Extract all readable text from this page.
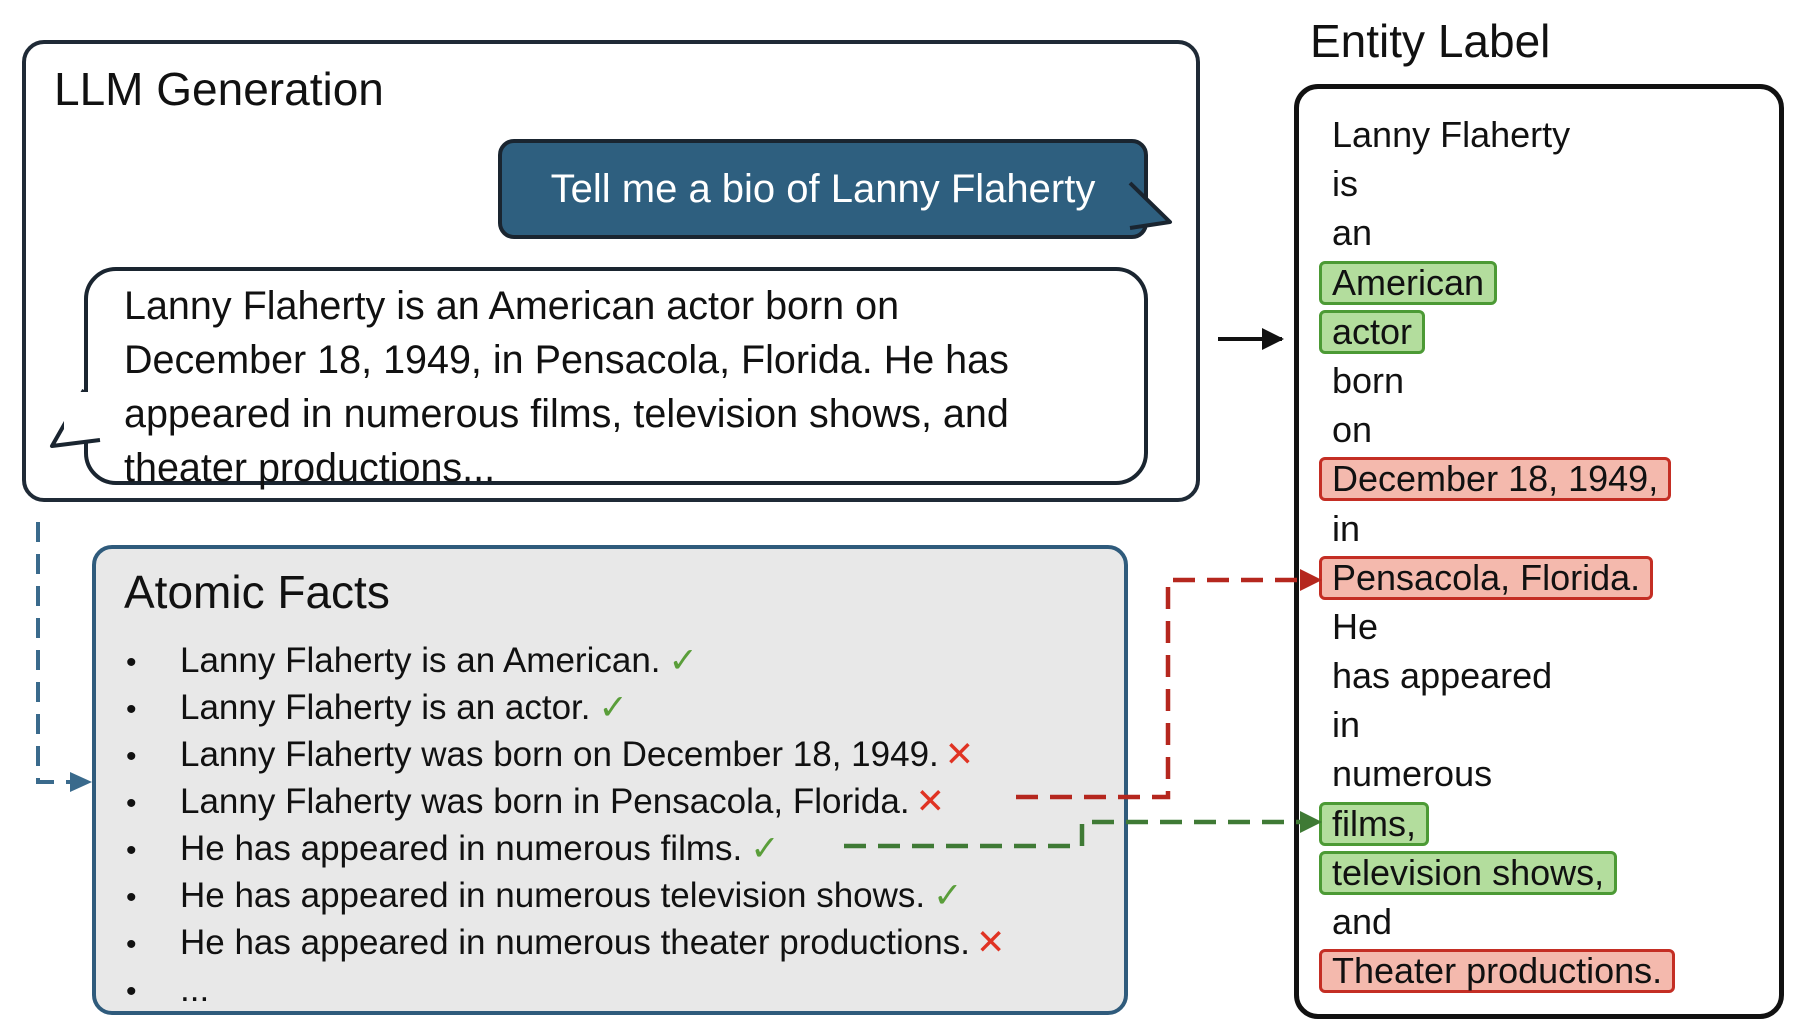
LLM Generation
Tell me a bio of Lanny Flaherty
Lanny Flaherty is an American actor born on
December 18, 1949, in Pensacola, Florida. He has
appeared in numerous films, television shows, and
theater productions...
Atomic Facts
• Lanny Flaherty is an American. ✓
• Lanny Flaherty is an actor. ✓
• Lanny Flaherty was born on December 18, 1949. ✕
• Lanny Flaherty was born in Pensacola, Florida. ✕
• He has appeared in numerous films. ✓
• He has appeared in numerous television shows. ✓
• He has appeared in numerous theater productions. ✕
• ...
Entity Label
Lanny Flaherty
is
an
American
actor
born
on
December 18, 1949,
in
Pensacola, Florida.
He
has appeared
in
numerous
films,
television shows,
and
Theater productions.
